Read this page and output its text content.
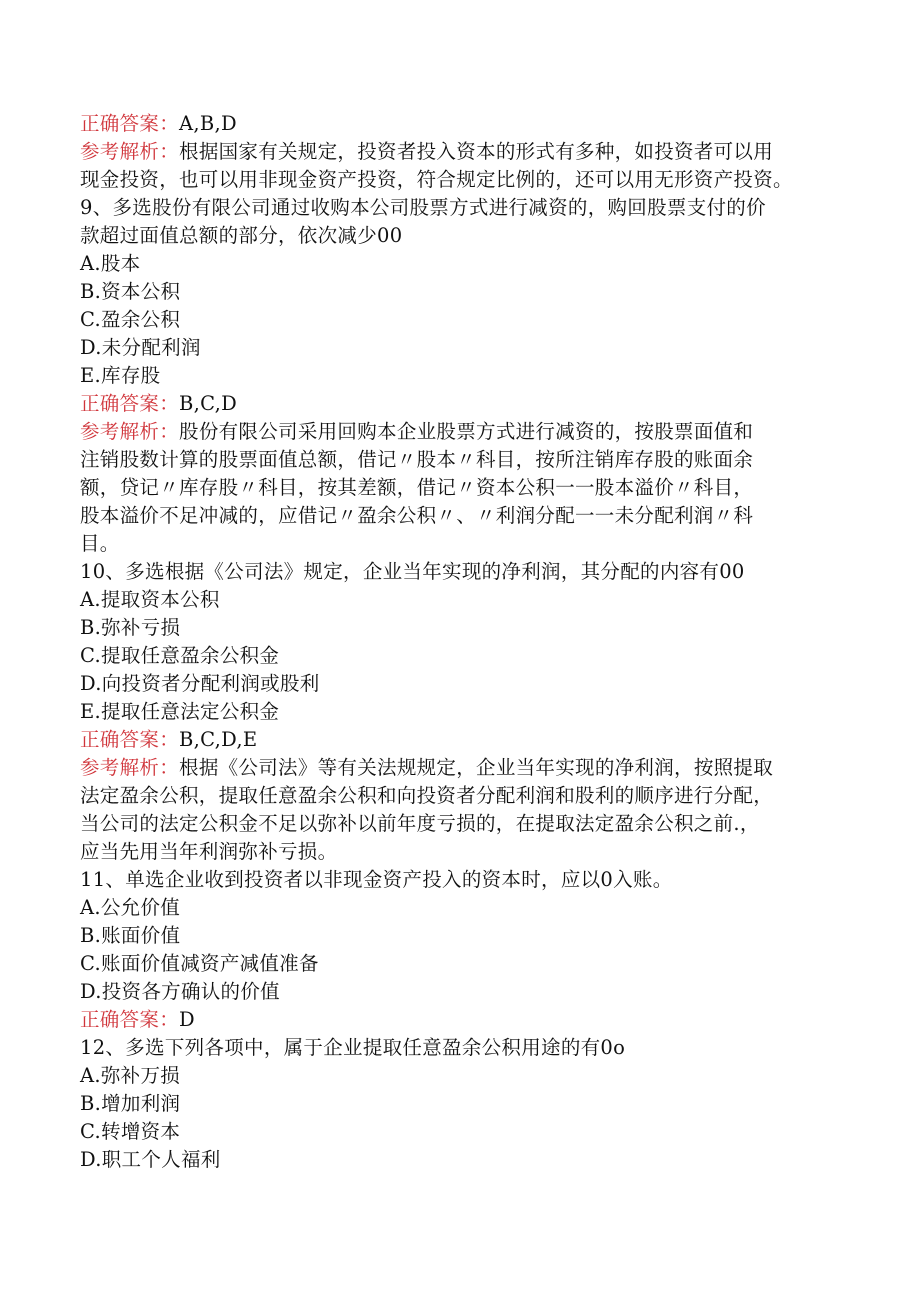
正确答案：A,B,D
参考解析：根据国家有关规定，投资者投入资本的形式有多种，如投资者可以用
现金投资，也可以用非现金资产投资，符合规定比例的，还可以用无形资产投资。
9、多选股份有限公司通过收购本公司股票方式进行减资的，购回股票支付的价
款超过面值总额的部分，依次减少00
A.股本
B.资本公积
C.盈余公积
D.未分配利润
E.库存股
正确答案：B,C,D
参考解析：股份有限公司采用回购本企业股票方式进行减资的，按股票面值和
注销股数计算的股票面值总额，借记〃股本〃科目，按所注销库存股的账面余
额，贷记〃库存股〃科目，按其差额，借记〃资本公积一一股本溢价〃科目，
股本溢价不足冲减的，应借记〃盈余公积〃、〃利润分配一一未分配利润〃科
目。
10、多选根据《公司法》规定，企业当年实现的净利润，其分配的内容有00
A.提取资本公积
B.弥补亏损
C.提取任意盈余公积金
D.向投资者分配利润或股利
E.提取任意法定公积金
正确答案：B,C,D,E
参考解析：根据《公司法》等有关法规规定，企业当年实现的净利润，按照提取
法定盈余公积，提取任意盈余公积和向投资者分配利润和股利的顺序进行分配，
当公司的法定公积金不足以弥补以前年度亏损的，在提取法定盈余公积之前.，
应当先用当年利润弥补亏损。
11、单选企业收到投资者以非现金资产投入的资本时，应以0入账。
A.公允价值
B.账面价值
C.账面价值减资产减值准备
D.投资各方确认的价值
正确答案：D
12、多选下列各项中，属于企业提取任意盈余公积用途的有0o
A.弥补万损
B.增加利润
C.转增资本
D.职工个人福利
